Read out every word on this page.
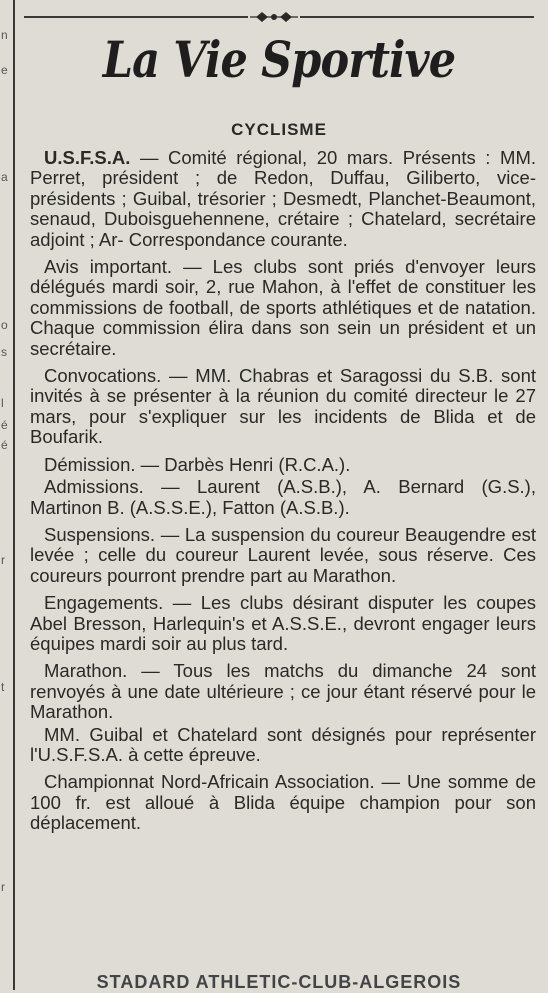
n
e
a
o
s
l
é
é
r
t
r
La Vie Sportive
CYCLISME

U.S.F.S.A. — Comité régional, 20 mars. Présents : MM. Perret, président ; de Redon, Duffau, Giliberto, vice-présidents ; Guibal, trésorier ; Desmedt, Planchet-Beaumont, senaud, Duboisguehennene, crétaire ; Chatelard, secrétaire adjoint ; Ar- Correspondance courante.

Avis important. — Les clubs sont priés d'envoyer leurs délégués mardi soir, 2, rue Mahon, à l'effet de constituer les commissions de football, de sports athlétiques et de natation. Chaque commission élira dans son sein un président et un secrétaire.

Convocations. — MM. Chabras et Saragossi du S.B. sont invités à se présenter à la réunion du comité directeur le 27 mars, pour s'expliquer sur les incidents de Blida et de Boufarik.

Démission. — Darbès Henri (R.C.A.).

Admissions. — Laurent (A.S.B.), A. Bernard (G.S.), Martinon B. (A.S.S.E.), Fatton (A.S.B.).

Suspensions. — La suspension du coureur Beaugendre est levée ; celle du coureur Laurent levée, sous réserve. Ces coureurs pourront prendre part au Marathon.

Engagements. — Les clubs désirant disputer les coupes Abel Bresson, Harlequin's et A.S.S.E., devront engager leurs équipes mardi soir au plus tard.

Marathon. — Tous les matchs du dimanche 24 sont renvoyés à une date ultérieure ; ce jour étant réservé pour le Marathon.

MM. Guibal et Chatelard sont désignés pour représenter l'U.S.F.S.A. à cette épreuve.

Championnat Nord-Africain Association. — Une somme de 100 fr. est alloué à Blida équipe champion pour son déplacement.

STADARD ATHLETIC-CLUB-ALGEROIS
